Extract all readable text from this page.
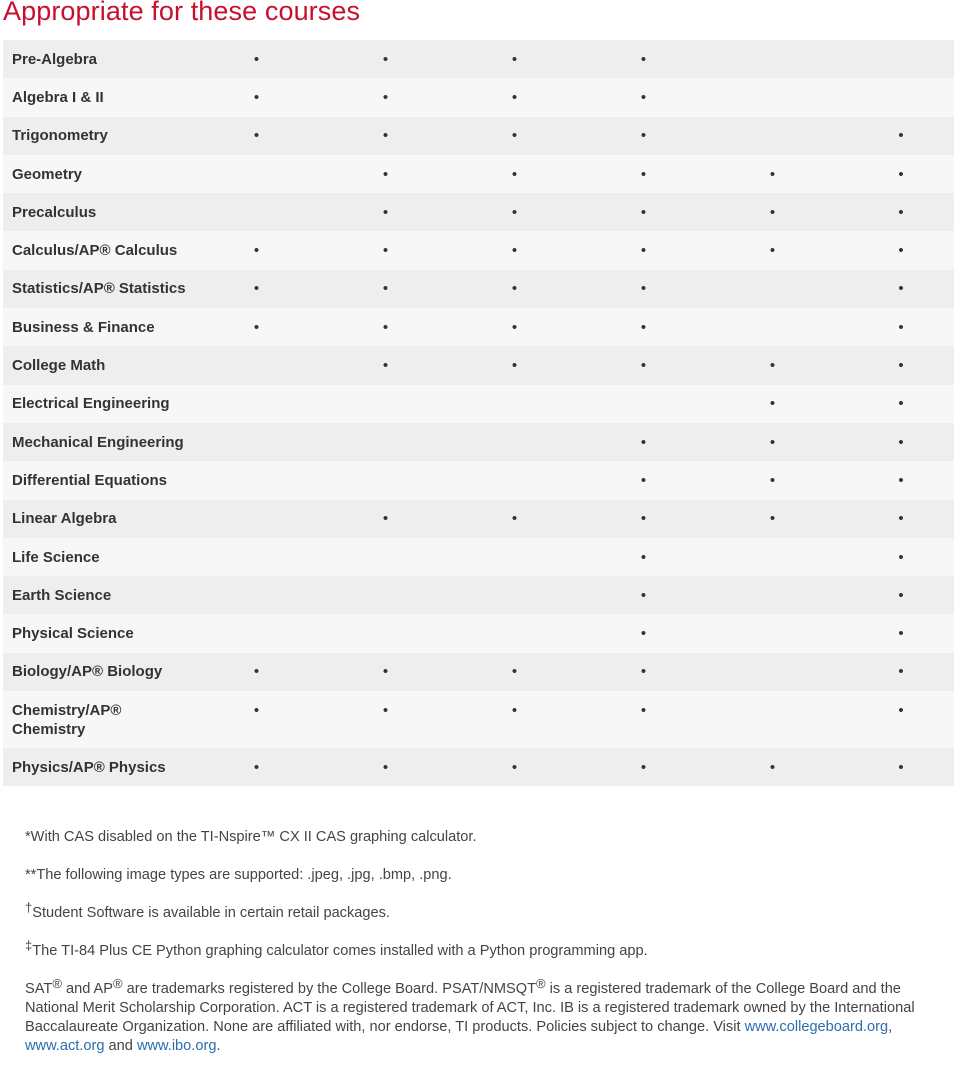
Appropriate for these courses
Pre-Algebra	•	•	•	•		
Algebra I & II	•	•	•	•		
Trigonometry	•	•	•	•		•
Geometry		•	•	•	•	•
Precalculus		•	•	•	•	•
Calculus/AP® Calculus	•	•	•	•	•	•
Statistics/AP® Statistics	•	•	•	•		•
Business & Finance	•	•	•	•		•
College Math		•	•	•	•	•
Electrical Engineering					•	•
Mechanical Engineering				•	•	•
Differential Equations				•	•	•
Linear Algebra		•	•	•	•	•
Life Science				•		•
Earth Science				•		•
Physical Science				•		•
Biology/AP® Biology	•	•	•	•		•
Chemistry/AP®
Chemistry	•	•	•	•		•
Physics/AP® Physics	•	•	•	•	•	•

*With CAS disabled on the TI-Nspire™ CX II CAS graphing calculator.

**The following image types are supported: .jpeg, .jpg, .bmp, .png.

†Student Software is available in certain retail packages.

‡The TI-84 Plus CE Python graphing calculator comes installed with a Python programming app.

SAT® and AP® are trademarks registered by the College Board. PSAT/NMSQT® is a registered trademark of the College Board and the National Merit Scholarship Corporation. ACT is a registered trademark of ACT, Inc. IB is a registered trademark owned by the International Baccalaureate Organization. None are affiliated with, nor endorse, TI products. Policies subject to change. Visit www.collegeboard.org, www.act.org and www.ibo.org.
